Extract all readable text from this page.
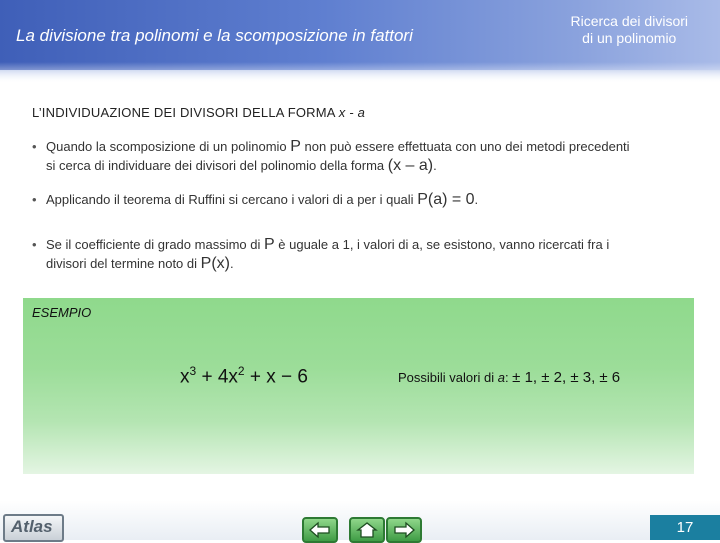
La divisione tra polinomi e la scomposizione in fattori
Ricerca dei divisori
di un polinomio
L’INDIVIDUAZIONE DEI DIVISORI DELLA FORMA x - a
• Quando la scomposizione di un polinomio P non può essere effettuata con uno dei metodi precedenti
si cerca di individuare dei divisori del polinomio della forma (x – a).
• Applicando il teorema di Ruffini si cercano i valori di a per i quali P(a) = 0.
• Se il coefficiente di grado massimo di P è uguale a 1, i valori di a, se esistono, vanno ricercati fra i
divisori del termine noto di P(x).
ESEMPIO
$x^3 + 4x^2 + x - 6$	Possibili valori di a: ± 1, ± 2, ± 3, ± 6
Atlas	17
